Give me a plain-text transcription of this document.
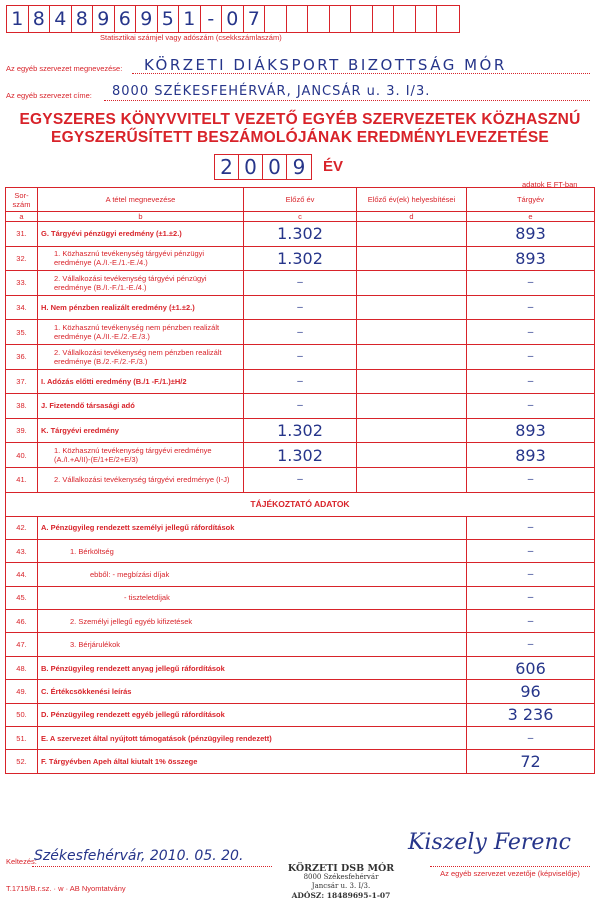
1 8 4 8 9 6 9 5 1 - 0 7
Statisztikai számjel vagy adószám (csekkszámlaszám)
Az egyéb szervezet megnevezése: KÖRZETI DIÁKSPORT BIZOTTSÁG MÓR
Az egyéb szervezet címe: 8000 SZÉKESFEHÉRVÁR, JANCSÁR u. 3. I/3.
EGYSZERES KÖNYVVITELT VEZETŐ EGYÉB SZERVEZETEK KÖZHASZNÚ
EGYSZERŰSÍTETT BESZÁMOLÓJÁNAK EREDMÉNYLEVEZETÉSE
2 0 0 9	ÉV
adatok E FT-ban
Sor-
szám	A tétel megnevezése	Előző év	Előző év(ek) helyesbítései	Tárgyév
a	b	c	d	e
31.	G. Tárgyévi pénzügyi eredmény (±1.±2.)	1.302		893
32.	1. Közhasznú tevékenység tárgyévi pénzügyi eredménye (A./I.-E./1.-E./4.)	1.302		893
33.	2. Vállalkozási tevékenység tárgyévi pénzügyi eredménye (B./I.-F./1.-E./4.)	–		–
34.	H. Nem pénzben realizált eredmény (±1.±2.)	–		–
35.	1. Közhasznú tevékenység nem pénzben realizált eredménye (A./II.-E./2.-E./3.)	–		–
36.	2. Vállalkozási tevékenység nem pénzben realizált eredménye (B./2.-F./2.-F./3.)	–		–
37.	I. Adózás előtti eredmény (B./1 -F./1.)±H/2	–		–
38.	J. Fizetendő társasági adó	–		–
39.	K. Tárgyévi eredmény	1.302		893
40.	1. Közhasznú tevékenység tárgyévi eredménye (A./I.+A/II)-(E/1+E/2+E/3)	1.302		893
41.	2. Vállalkozási tevékenység tárgyévi eredménye (I-J)	–		–
TÁJÉKOZTATÓ ADATOK				
42.	A. Pénzügyileg rendezett személyi jellegű ráfordítások			–
43.	1. Bérköltség			–
44.	ebből: - megbízási díjak			–
45.	- tiszteletdíjak			–
46.	2. Személyi jellegű egyéb kifizetések			–
47.	3. Bérjárulékok			–
48.	B. Pénzügyileg rendezett anyag jellegű ráfordítások			606
49.	C. Értékcsökkenési leírás			96
50.	D. Pénzügyileg rendezett egyéb jellegű ráfordítások			3 236
51.	E. A szervezet által nyújtott támogatások (pénzügyileg rendezett)			–
52.	F. Tárgyévben Apeh által kiutalt 1% összege			72
Keltezés:
Székesfehérvár, 2010. 05. 20.
T.1715/B.r.sz. · w · AB Nyomtatvány
Kiszely Ferenc
Az egyéb szervezet vezetője (képviselője)
KÖRZETI DSB MÓR
8000 Székesfehérvár
Jancsár u. 3. I/3.
ADÓSZ: 18489695-1-07
